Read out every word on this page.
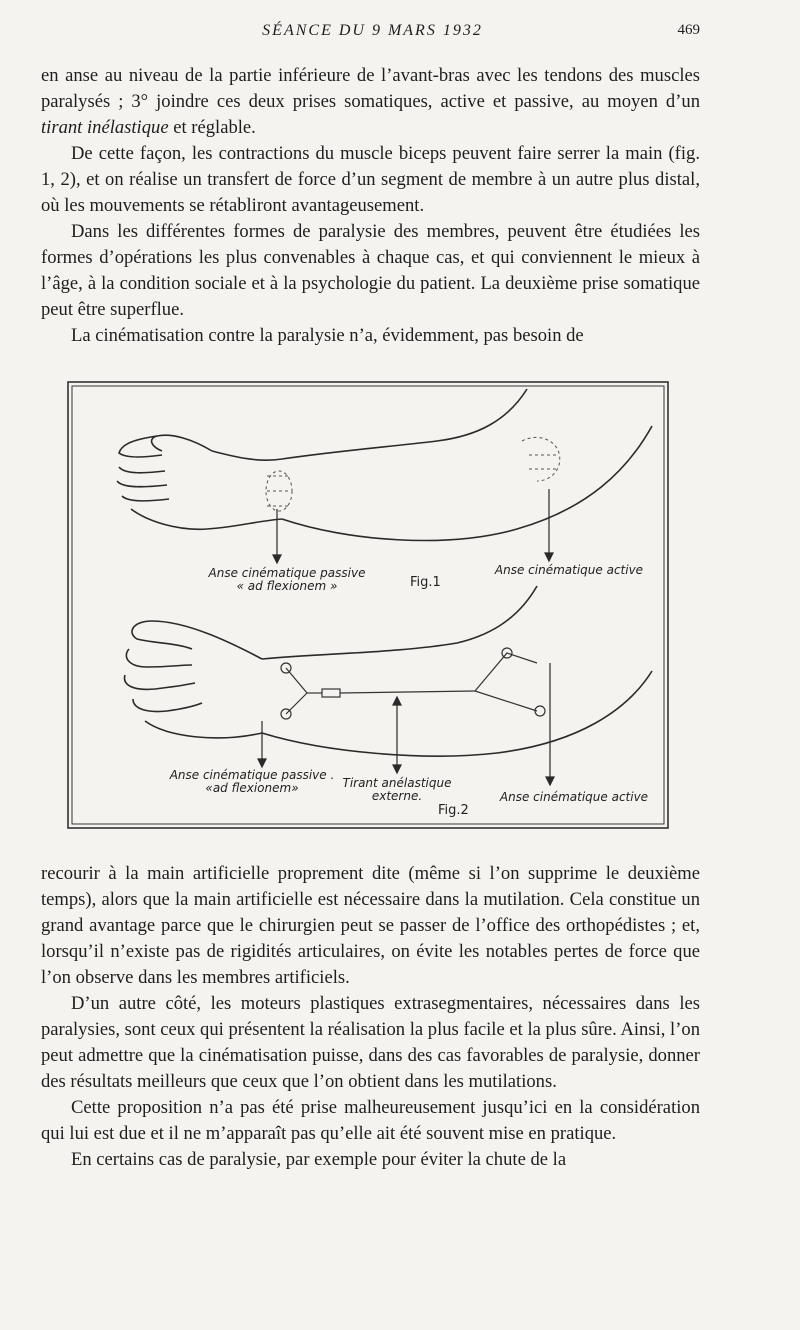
SÉANCE DU 9 MARS 1932	469

en anse au niveau de la partie inférieure de l’avant-bras avec les tendons des muscles paralysés ; 3° joindre ces deux prises somatiques, active et passive, au moyen d’un tirant inélastique et réglable.

De cette façon, les contractions du muscle biceps peuvent faire serrer la main (fig. 1, 2), et on réalise un transfert de force d’un segment de membre à un autre plus distal, où les mouvements se rétabliront avantageusement.

Dans les différentes formes de paralysie des membres, peuvent être étudiées les formes d’opérations les plus convenables à chaque cas, et qui conviennent le mieux à l’âge, à la condition sociale et à la psychologie du patient. La deuxième prise somatique peut être superflue.

La cinématisation contre la paralysie n’a, évidemment, pas besoin de

Anse cinématique passive
« ad flexionem »	Fig.1
Anse cinématique active
Anse cinématique passive .
«ad flexionem»	Tirant anélastique
externe.
Fig.2
Anse cinématique active

recourir à la main artificielle proprement dite (même si l’on supprime le deuxième temps), alors que la main artificielle est nécessaire dans la mutilation. Cela constitue un grand avantage parce que le chirurgien peut se passer de l’office des orthopédistes ; et, lorsqu’il n’existe pas de rigidités articulaires, on évite les notables pertes de force que l’on observe dans les membres artificiels.

D’un autre côté, les moteurs plastiques extrasegmentaires, nécessaires dans les paralysies, sont ceux qui présentent la réalisation la plus facile et la plus sûre. Ainsi, l’on peut admettre que la cinématisation puisse, dans des cas favorables de paralysie, donner des résultats meilleurs que ceux que l’on obtient dans les mutilations.

Cette proposition n’a pas été prise malheureusement jusqu’ici en la considération qui lui est due et il ne m’apparaît pas qu’elle ait été souvent mise en pratique.

En certains cas de paralysie, par exemple pour éviter la chute de la
